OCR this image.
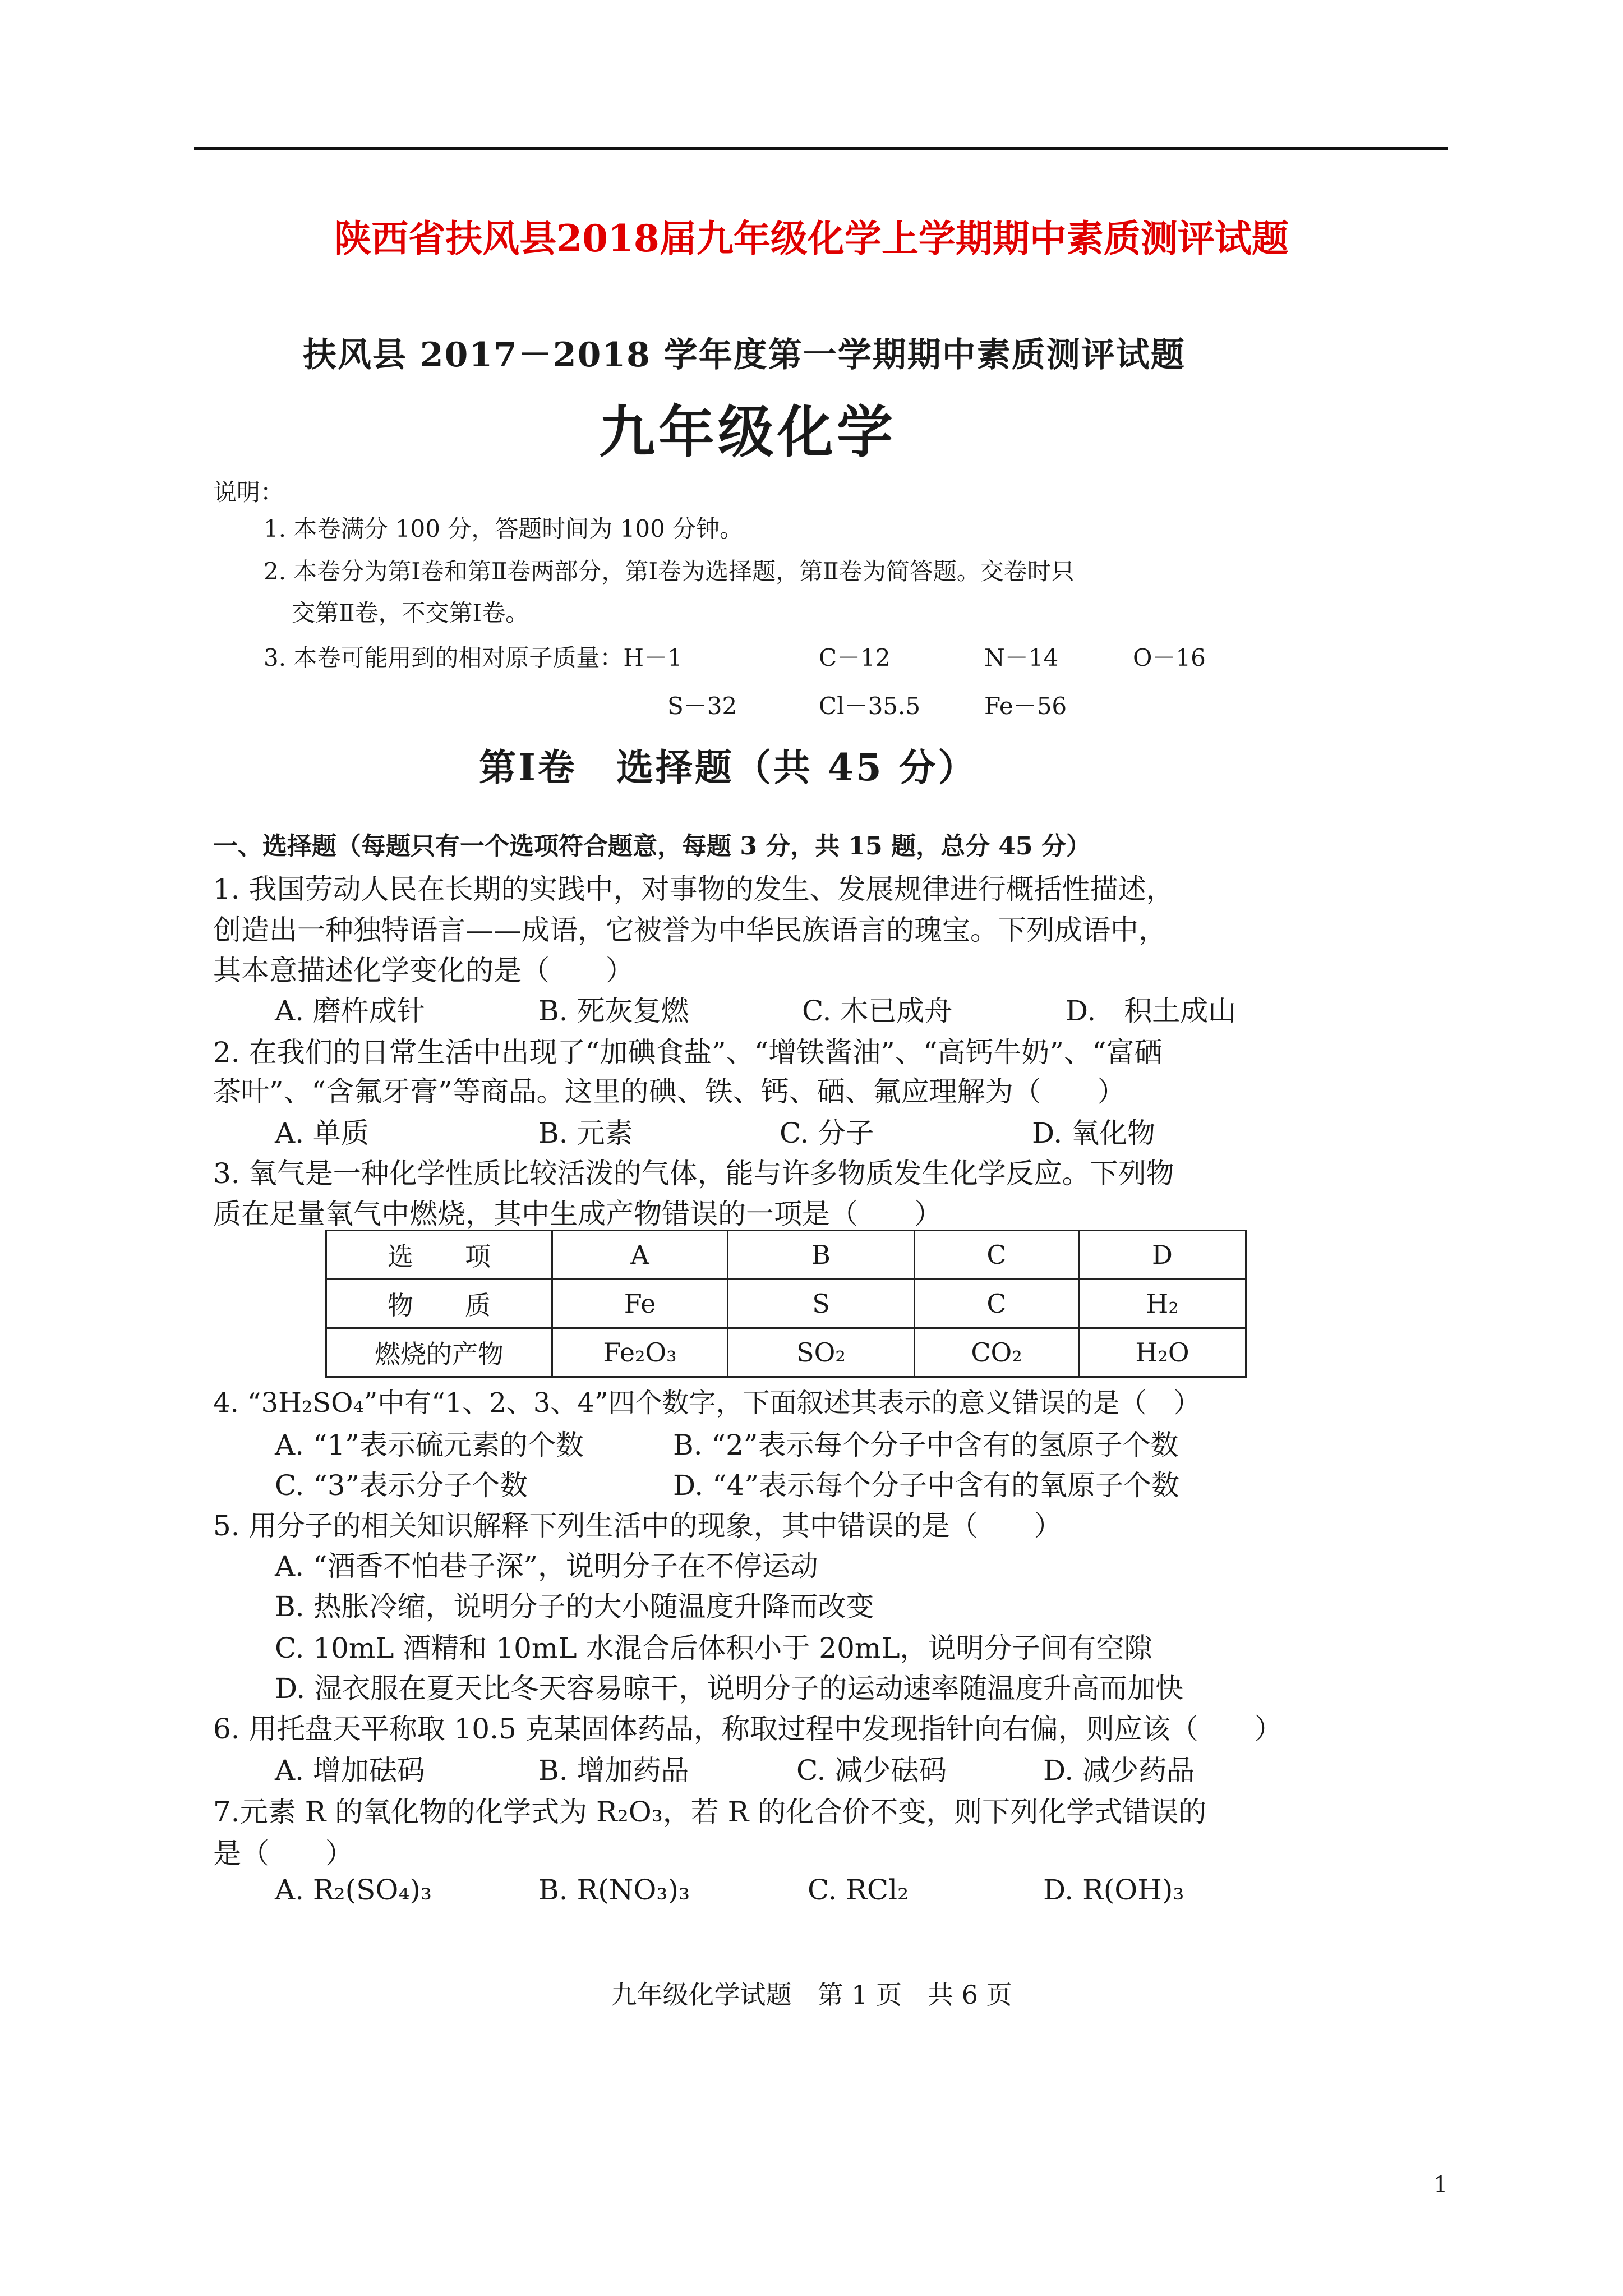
陕西省扶风县2018届九年级化学上学期期中素质测评试题
扶风县 2017－2018 学年度第一学期期中素质测评试题
九年级化学
说明：
1. 本卷满分 100 分，答题时间为 100 分钟。
2. 本卷分为第Ⅰ卷和第Ⅱ卷两部分，第Ⅰ卷为选择题，第Ⅱ卷为简答题。交卷时只
交第Ⅱ卷，不交第Ⅰ卷。
3. 本卷可能用到的相对原子质量：H－1	C－12	N－14	O－16
S－32	Cl－35.5	Fe－56
第Ⅰ卷　选择题（共 45 分）
一、选择题（每题只有一个选项符合题意，每题 3 分，共 15 题，总分 45 分）
1. 我国劳动人民在长期的实践中，对事物的发生、发展规律进行概括性描述，
创造出一种独特语言——成语，它被誉为中华民族语言的瑰宝。下列成语中，
其本意描述化学变化的是（　　）
A. 磨杵成针	B. 死灰复燃	C. 木已成舟	D.　积土成山
2. 在我们的日常生活中出现了“加碘食盐”、“增铁酱油”、“高钙牛奶”、“富硒
茶叶”、“含氟牙膏”等商品。这里的碘、铁、钙、硒、氟应理解为（　　）
A. 单质	B. 元素	C. 分子	D. 氧化物
3. 氧气是一种化学性质比较活泼的气体，能与许多物质发生化学反应。下列物
质在足量氧气中燃烧，其中生成产物错误的一项是（　　）
选　　项	A	B	C	D
物　　质	Fe	S	C	H₂
燃烧的产物	Fe₂O₃	SO₂	CO₂	H₂O
4. “3H₂SO₄”中有“1、2、3、4”四个数字，下面叙述其表示的意义错误的是（　）
A. “1”表示硫元素的个数	B. “2”表示每个分子中含有的氢原子个数
C. “3”表示分子个数	D. “4”表示每个分子中含有的氧原子个数
5. 用分子的相关知识解释下列生活中的现象，其中错误的是（　　）
A. “酒香不怕巷子深”，说明分子在不停运动
B. 热胀冷缩，说明分子的大小随温度升降而改变
C. 10mL 酒精和 10mL 水混合后体积小于 20mL，说明分子间有空隙
D. 湿衣服在夏天比冬天容易晾干，说明分子的运动速率随温度升高而加快
6. 用托盘天平称取 10.5 克某固体药品，称取过程中发现指针向右偏，则应该（　　）
A. 增加砝码	B. 增加药品	C. 减少砝码	D. 减少药品
7.元素 R 的氧化物的化学式为 R₂O₃，若 R 的化合价不变，则下列化学式错误的
是（　　）
A. R₂(SO₄)₃	B. R(NO₃)₃	C. RCl₂	D. R(OH)₃
九年级化学试题　第 1 页　共 6 页
1
